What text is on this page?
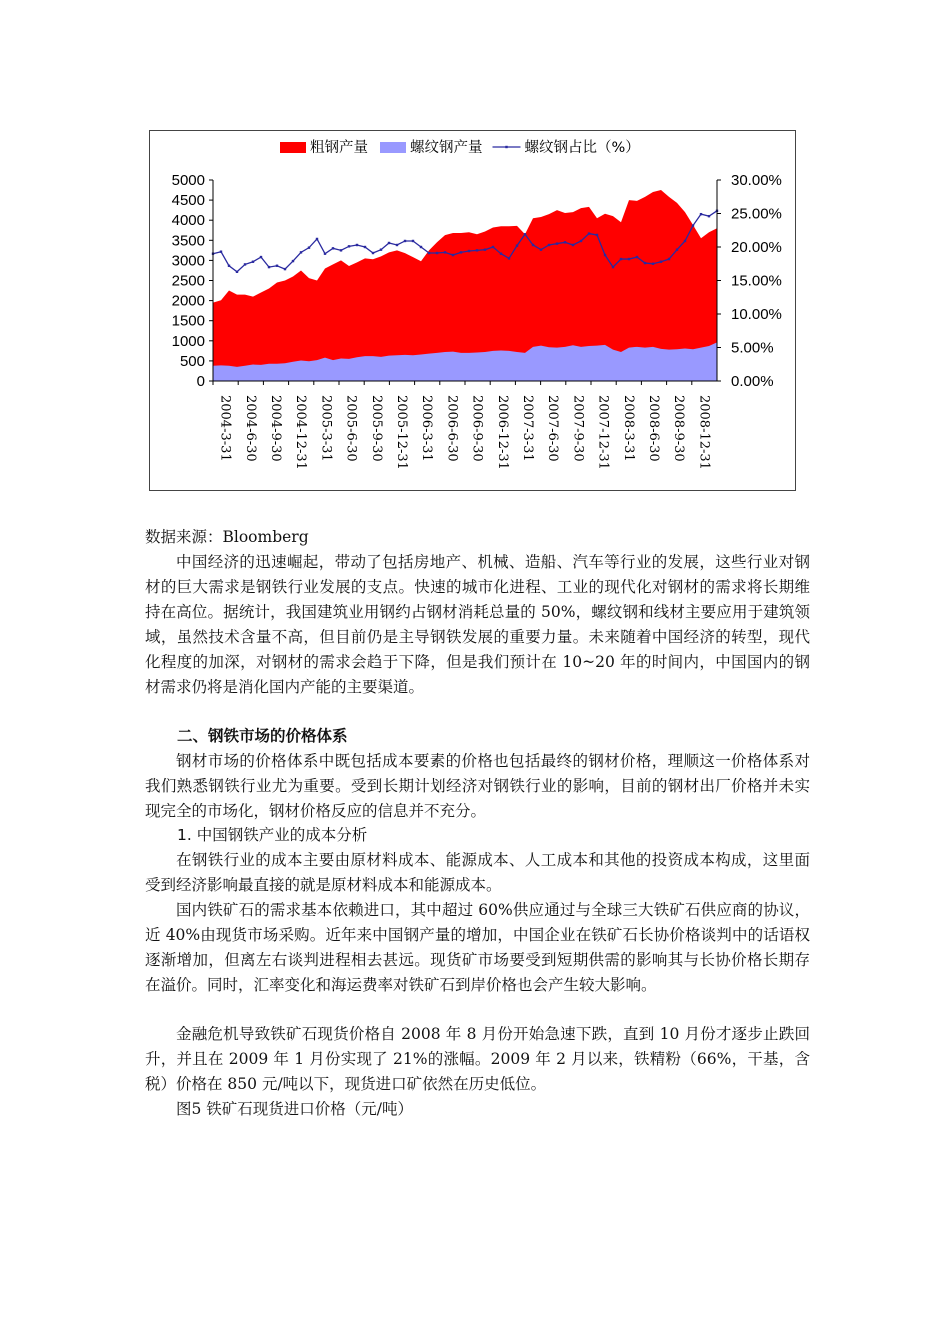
粗钢产量	螺纹钢产量	螺纹钢占比（%）
0
500
1000
1500
2000
2500
3000
3500
4000
4500
5000
0.00%
5.00%
10.00%
15.00%
20.00%
25.00%
30.00%
2004-3-31 2004-6-30 2004-9-30 2004-12-31 2005-3-31 2005-6-30 2005-9-30 2005-12-31 2006-3-31 2006-6-30 2006-9-30 2006-12-31 2007-3-31 2007-6-30 2007-9-30 2007-12-31 2008-3-31 2008-6-30 2008-9-30 2008-12-31
数据来源：Bloomberg
中国经济的迅速崛起，带动了包括房地产、机械、造船、汽车等行业的发展，这些行业对钢材的巨大需求是钢铁行业发展的支点。快速的城市化进程、工业的现代化对钢材的需求将长期维持在高位。据统计，我国建筑业用钢约占钢材消耗总量的 50%，螺纹钢和线材主要应用于建筑领域，虽然技术含量不高，但目前仍是主导钢铁发展的重要力量。未来随着中国经济的转型，现代化程度的加深，对钢材的需求会趋于下降，但是我们预计在 10~20 年的时间内，中国国内的钢材需求仍将是消化国内产能的主要渠道。
二、钢铁市场的价格体系
钢材市场的价格体系中既包括成本要素的价格也包括最终的钢材价格，理顺这一价格体系对我们熟悉钢铁行业尤为重要。受到长期计划经济对钢铁行业的影响，目前的钢材出厂价格并未实现完全的市场化，钢材价格反应的信息并不充分。
1. 中国钢铁产业的成本分析
在钢铁行业的成本主要由原材料成本、能源成本、人工成本和其他的投资成本构成，这里面受到经济影响最直接的就是原材料成本和能源成本。
国内铁矿石的需求基本依赖进口，其中超过 60%供应通过与全球三大铁矿石供应商的协议，近 40%由现货市场采购。近年来中国钢产量的增加，中国企业在铁矿石长协价格谈判中的话语权逐渐增加，但离左右谈判进程相去甚远。现货矿市场要受到短期供需的影响其与长协价格长期存在溢价。同时，汇率变化和海运费率对铁矿石到岸价格也会产生较大影响。
金融危机导致铁矿石现货价格自 2008 年 8 月份开始急速下跌，直到 10 月份才逐步止跌回升，并且在 2009 年 1 月份实现了 21%的涨幅。2009 年 2 月以来，铁精粉（66%，干基，含税）价格在 850 元/吨以下，现货进口矿依然在历史低位。
图5 铁矿石现货进口价格（元/吨）
